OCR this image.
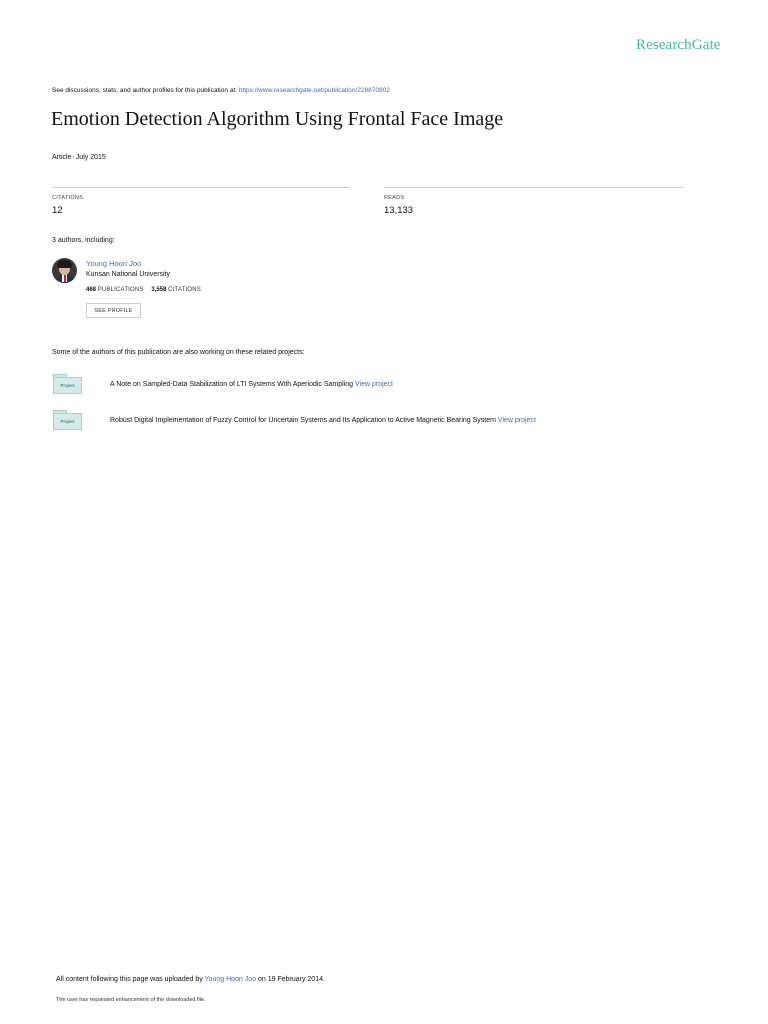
ResearchGate
See discussions, stats, and author profiles for this publication at: https://www.researchgate.net/publication/228870902
Emotion Detection Algorithm Using Frontal Face Image
Article·July 2015
CITATIONS
12
READS
13,133
3 authors, including:
Young Hoon Joo
Kunsan National University
468 PUBLICATIONS 3,558 CITATIONS
SEE PROFILE
Some of the authors of this publication are also working on these related projects:
Project	A Note on Sampled-Data Stabilization of LTI Systems With Aperiodic Sampling View project
Project	Robust Digital Implementation of Fuzzy Control for Uncertain Systems and Its Application to Active Magnetic Bearing System View project
All content following this page was uploaded by Young Hoon Joo on 19 February 2014.
The user has requested enhancement of the downloaded file.
